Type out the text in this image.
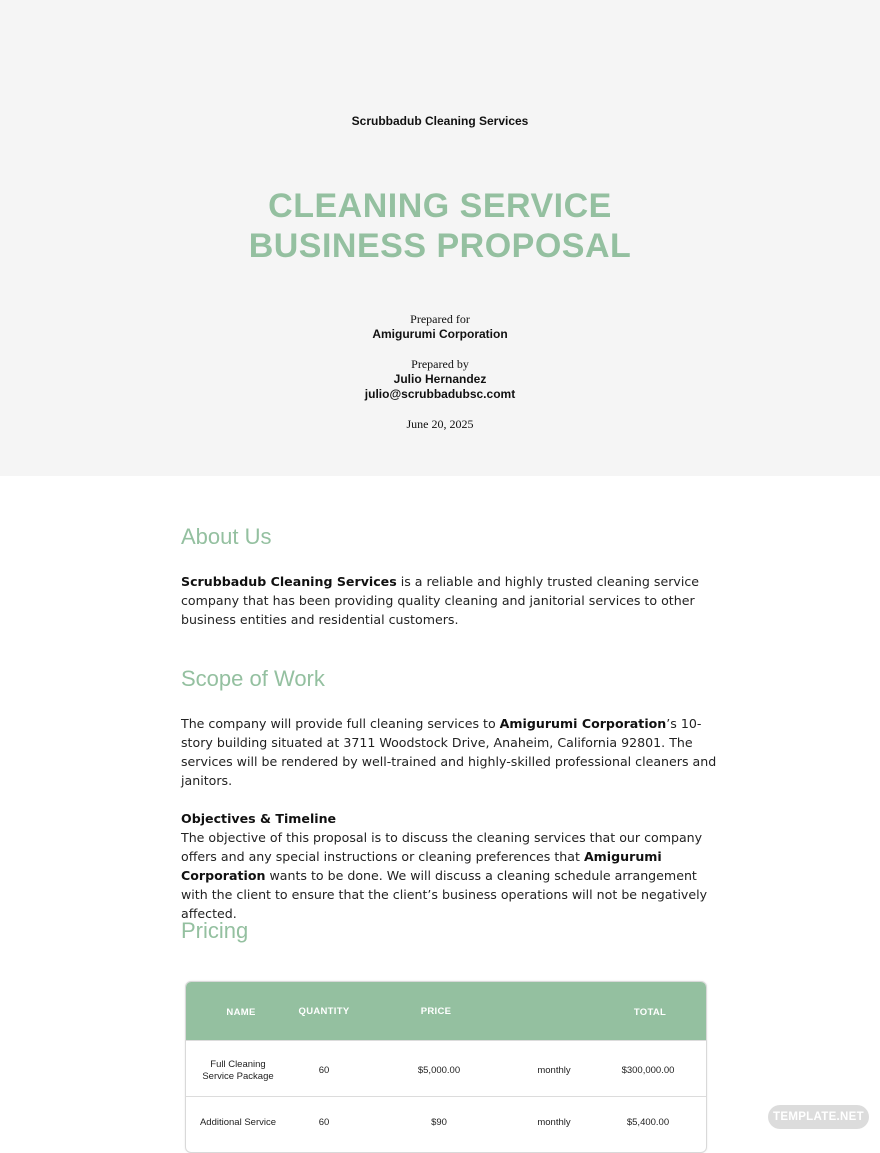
Scrubbadub Cleaning Services
CLEANING SERVICE
BUSINESS PROPOSAL
Prepared for
Amigurumi Corporation
Prepared by
Julio Hernandez
julio@scrubbadubsc.comt
June 20, 2025
About Us

Scrubbadub Cleaning Services is a reliable and highly trusted cleaning service company that has been providing quality cleaning and janitorial services to other business entities and residential customers.

Scope of Work

The company will provide full cleaning services to Amigurumi Corporation’s 10-story building situated at 3711 Woodstock Drive, Anaheim, California 92801. The services will be rendered by well-trained and highly-skilled professional cleaners and janitors.

Objectives & Timeline

The objective of this proposal is to discuss the cleaning services that our company offers and any special instructions or cleaning preferences that Amigurumi Corporation wants to be done. We will discuss a cleaning schedule arrangement with the client to ensure that the client’s business operations will not be negatively affected.

Pricing
NAME	QUANTITY	PRICE	TOTAL
Full Cleaning
Service Package
60	$5,000.00	monthly	$300,000.00
Additional Service	60	$90	monthly	$5,400.00	TEMPLATE.NET
